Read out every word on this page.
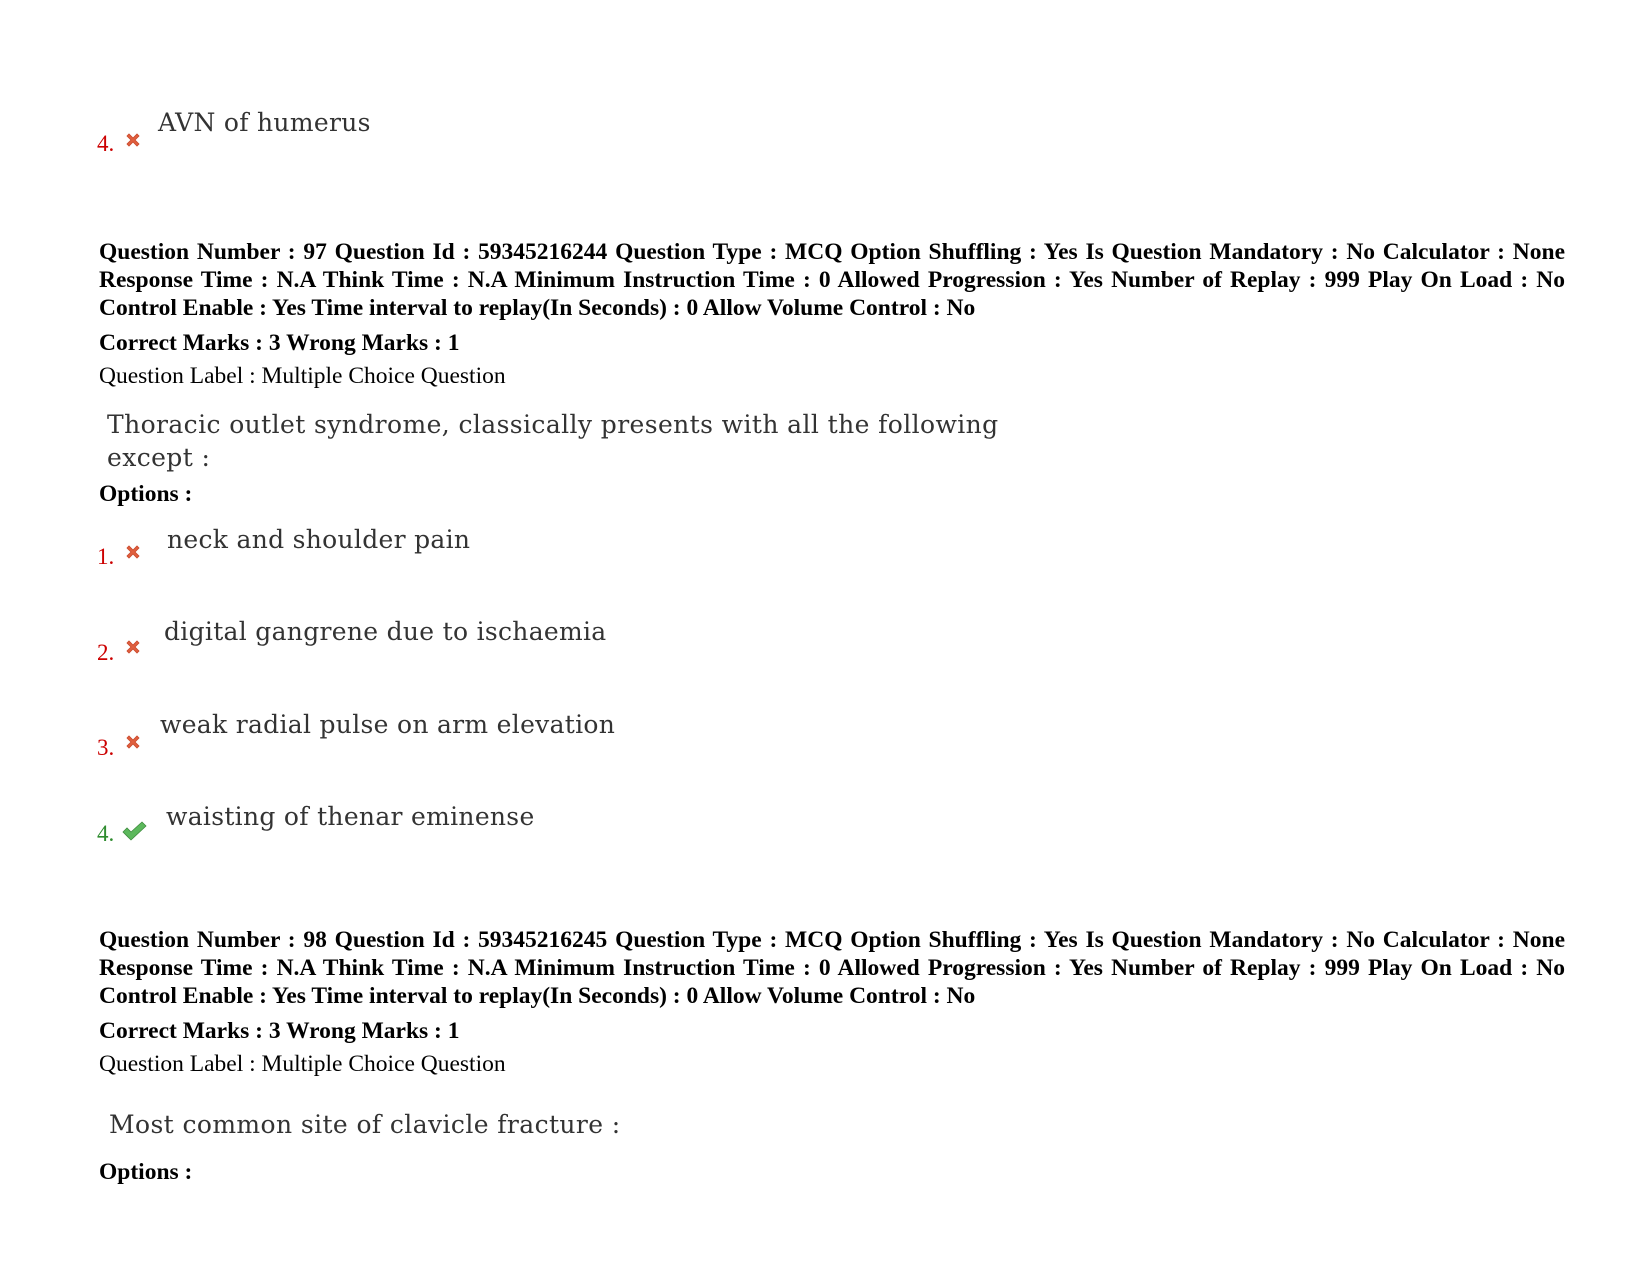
4.
AVN of humerus
Question Number : 97 Question Id : 59345216244 Question Type : MCQ Option Shuffling : Yes Is Question Mandatory : No Calculator : None Response Time : N.A Think Time : N.A Minimum Instruction Time : 0 Allowed Progression : Yes Number of Replay : 999 Play On Load : No Control Enable : Yes Time interval to replay(In Seconds) : 0 Allow Volume Control : No
Correct Marks : 3 Wrong Marks : 1
Question Label : Multiple Choice Question
Thoracic outlet syndrome, classically presents with all the following
except :
Options :
1.
neck and shoulder pain
2.
digital gangrene due to ischaemia
3.
weak radial pulse on arm elevation
4.
waisting of thenar eminense
Question Number : 98 Question Id : 59345216245 Question Type : MCQ Option Shuffling : Yes Is Question Mandatory : No Calculator : None Response Time : N.A Think Time : N.A Minimum Instruction Time : 0 Allowed Progression : Yes Number of Replay : 999 Play On Load : No Control Enable : Yes Time interval to replay(In Seconds) : 0 Allow Volume Control : No
Correct Marks : 3 Wrong Marks : 1
Question Label : Multiple Choice Question
Most common site of clavicle fracture :
Options :
